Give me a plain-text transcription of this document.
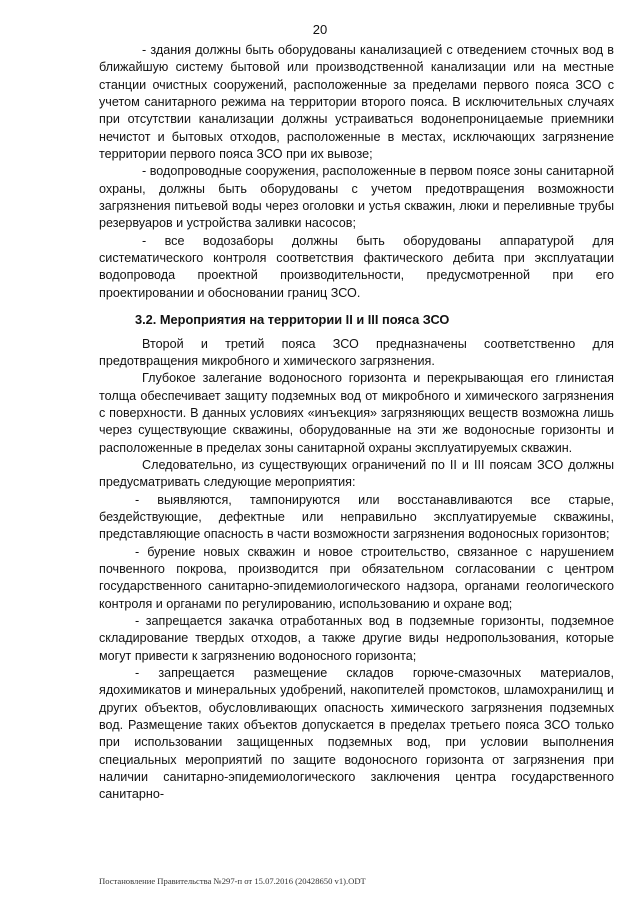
20

- здания должны быть оборудованы канализацией с отведением сточных вод в ближайшую систему бытовой или производственной канализации или на местные станции очистных сооружений, расположенные за пределами первого пояса ЗСО с учетом санитарного режима на территории второго пояса. В исключительных случаях при отсутствии канализации должны устраиваться водонепроницаемые приемники нечистот и бытовых отходов, расположенные в местах, исключающих загрязнение территории первого пояса ЗСО при их вывозе;

- водопроводные сооружения, расположенные в первом поясе зоны санитарной охраны, должны быть оборудованы с учетом предотвращения возможности загрязнения питьевой воды через оголовки и устья скважин, люки и переливные трубы резервуаров и устройства заливки насосов;

- все водозаборы должны быть оборудованы аппаратурой для систематического контроля соответствия фактического дебита при эксплуатации водопровода проектной производительности, предусмотренной при его проектировании и обосновании границ ЗСО.

3.2. Мероприятия на территории II и III пояса ЗСО

Второй и третий пояса ЗСО предназначены соответственно для предотвращения микробного и химического загрязнения.

Глубокое залегание водоносного горизонта и перекрывающая его глинистая толща обеспечивает защиту подземных вод от микробного и химического загрязнения с поверхности. В данных условиях «инъекция» загрязняющих веществ возможна лишь через существующие скважины, оборудованные на эти же водоносные горизонты и расположенные в пределах зоны санитарной охраны эксплуатируемых скважин.

Следовательно, из существующих ограничений по II и III поясам ЗСО должны предусматривать следующие мероприятия:

- выявляются, тампонируются или восстанавливаются все старые, бездействующие, дефектные или неправильно эксплуатируемые скважины, представляющие опасность в части возможности загрязнения водоносных горизонтов;

- бурение новых скважин и новое строительство, связанное с нарушением почвенного покрова, производится при обязательном согласовании с центром государственного санитарно-эпидемиологического надзора, органами геологического контроля и органами по регулированию, использованию и охране вод;

- запрещается закачка отработанных вод в подземные горизонты, подземное складирование твердых отходов, а также другие виды недропользования, которые могут привести к загрязнению водоносного горизонта;

- запрещается размещение складов горюче-смазочных материалов, ядохимикатов и минеральных удобрений, накопителей промстоков, шламохранилищ и других объектов, обусловливающих опасность химического загрязнения подземных вод. Размещение таких объектов допускается в пределах третьего пояса ЗСО только при использовании защищенных подземных вод, при условии выполнения специальных мероприятий по защите водоносного горизонта от загрязнения при наличии санитарно-эпидемиологического заключения центра государственного санитарно-

Постановление Правительства №297-п от 15.07.2016 (20428650 v1).ODT
